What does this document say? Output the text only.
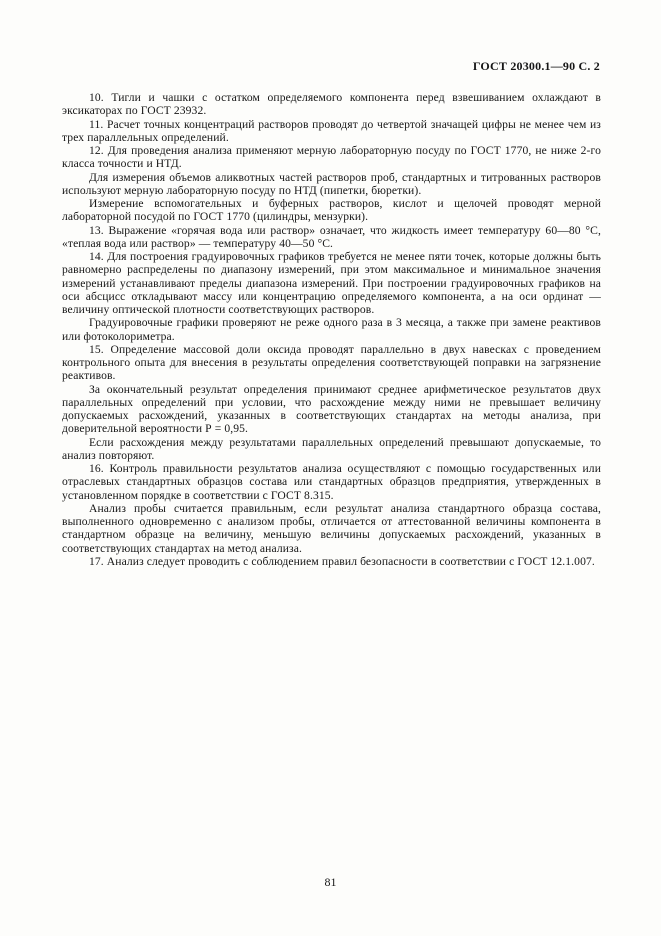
ГОСТ 20300.1—90 С. 2

10. Тигли и чашки с остатком определяемого компонента перед взвешиванием охлаждают в эксикаторах по ГОСТ 23932.

11. Расчет точных концентраций растворов проводят до четвертой значащей цифры не менее чем из трех параллельных определений.

12. Для проведения анализа применяют мерную лабораторную посуду по ГОСТ 1770, не ниже 2-го класса точности и НТД.

Для измерения объемов аликвотных частей растворов проб, стандартных и титрованных растворов используют мерную лабораторную посуду по НТД (пипетки, бюретки).

Измерение вспомогательных и буферных растворов, кислот и щелочей проводят мерной лабораторной посудой по ГОСТ 1770 (цилиндры, мензурки).

13. Выражение «горячая вода или раствор» означает, что жидкость имеет температуру 60—80 °С, «теплая вода или раствор» — температуру 40—50 °С.

14. Для построения градуировочных графиков требуется не менее пяти точек, которые должны быть равномерно распределены по диапазону измерений, при этом максимальное и минимальное значения измерений устанавливают пределы диапазона измерений. При построении градуировочных графиков на оси абсцисс откладывают массу или концентрацию определяемого компонента, а на оси ординат — величину оптической плотности соответствующих растворов.

Градуировочные графики проверяют не реже одного раза в 3 месяца, а также при замене реактивов или фотоколориметра.

15. Определение массовой доли оксида проводят параллельно в двух навесках с проведением контрольного опыта для внесения в результаты определения соответствующей поправки на загрязнение реактивов.

За окончательный результат определения принимают среднее арифметическое результатов двух параллельных определений при условии, что расхождение между ними не превышает величину допускаемых расхождений, указанных в соответствующих стандартах на методы анализа, при доверительной вероятности Р = 0,95.

Если расхождения между результатами параллельных определений превышают допускаемые, то анализ повторяют.

16. Контроль правильности результатов анализа осуществляют с помощью государственных или отраслевых стандартных образцов состава или стандартных образцов предприятия, утвержденных в установленном порядке в соответствии с ГОСТ 8.315.

Анализ пробы считается правильным, если результат анализа стандартного образца состава, выполненного одновременно с анализом пробы, отличается от аттестованной величины компонента в стандартном образце на величину, меньшую величины допускаемых расхождений, указанных в соответствующих стандартах на метод анализа.

17. Анализ следует проводить с соблюдением правил безопасности в соответствии с ГОСТ 12.1.007.

81
